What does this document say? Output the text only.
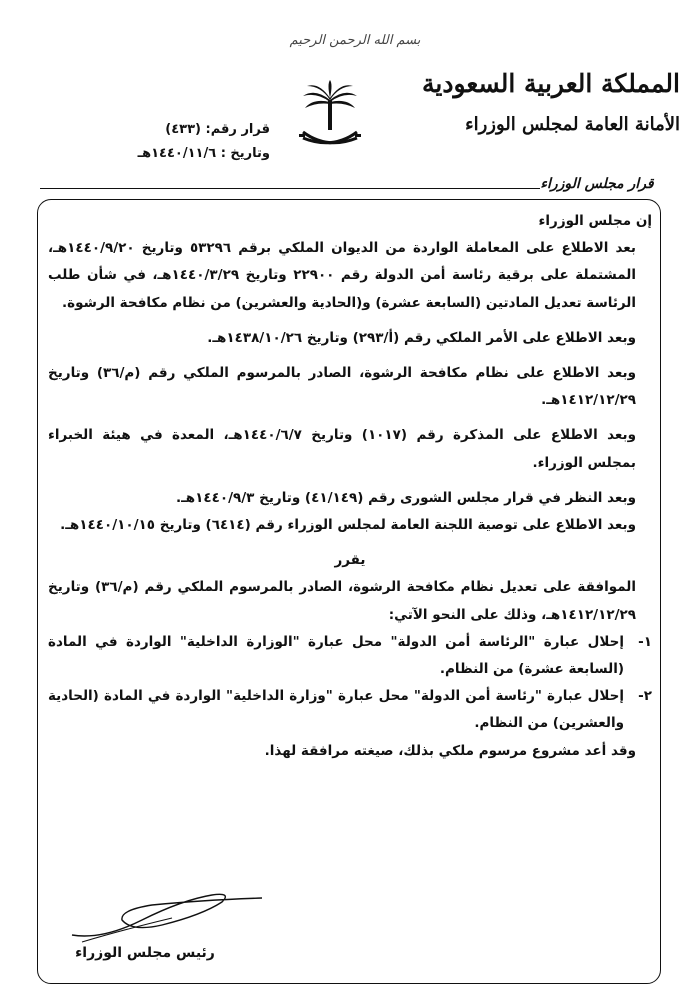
بسم الله الرحمن الرحيم
المملكة العربية السعودية
الأمانة العامة لمجلس الوزراء
قرار رقم: (٤٣٣)
وتاريخ : ١٤٤٠/١١/٦هـ
قرار مجلس الوزراء

إن مجلس الوزراء

بعد الاطلاع على المعاملة الواردة من الديوان الملكي برقم ٥٣٢٩٦ وتاريخ ١٤٤٠/٩/٢٠هـ، المشتملة على برقية رئاسة أمن الدولة رقم ٢٢٩٠٠ وتاريخ ١٤٤٠/٣/٢٩هـ، في شأن طلب الرئاسة تعديل المادتين (السابعة عشرة) و(الحادية والعشرين) من نظام مكافحة الرشوة.

وبعد الاطلاع على الأمر الملكي رقم (أ/٢٩٣) وتاريخ ١٤٣٨/١٠/٢٦هـ.

وبعد الاطلاع على نظام مكافحة الرشوة، الصادر بالمرسوم الملكي رقم (م/٣٦) وتاريخ ١٤١٢/١٢/٢٩هـ.

وبعد الاطلاع على المذكرة رقم (١٠١٧) وتاريخ ١٤٤٠/٦/٧هـ، المعدة في هيئة الخبراء بمجلس الوزراء.

وبعد النظر في قرار مجلس الشورى رقم (٤١/١٤٩) وتاريخ ١٤٤٠/٩/٣هـ.

وبعد الاطلاع على توصية اللجنة العامة لمجلس الوزراء رقم (٦٤١٤) وتاريخ ١٤٤٠/١٠/١٥هـ.

يقرر

الموافقة على تعديل نظام مكافحة الرشوة، الصادر بالمرسوم الملكي رقم (م/٣٦) وتاريخ ١٤١٢/١٢/٢٩هـ، وذلك على النحو الآتي:

١-
إحلال عبارة "الرئاسة أمن الدولة" محل عبارة "الوزارة الداخلية" الواردة في المادة (السابعة عشرة) من النظام.
٢-
إحلال عبارة "رئاسة أمن الدولة" محل عبارة "وزارة الداخلية" الواردة في المادة (الحادية والعشرين) من النظام.

وقد أعد مشروع مرسوم ملكي بذلك، صيغته مرافقة لهذا.

رئيس مجلس الوزراء
